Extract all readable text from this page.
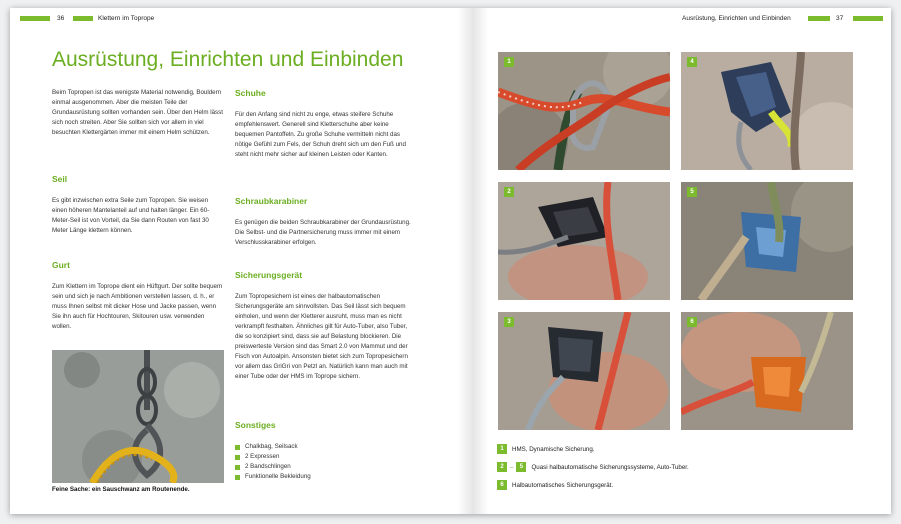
36	Klettern im Toprope	Ausrüstung, Einrichten und Einbinden	37
Ausrüstung, Einrichten und Einbinden
Beim Topropen ist das wenigste Material notwendig, Bouldern einmal ausgenommen. Aber die meisten Teile der Grundausrüstung sollten vorhanden sein. Über den Helm lässt sich noch streiten. Aber Sie sollten sich vor allem in viel besuchten Klettergärten immer mit einem Helm schützen.
Seil
Es gibt inzwischen extra Seile zum Topropen. Sie weisen einen höheren Mantelanteil auf und halten länger. Ein 60-Meter-Seil ist von Vorteil, da Sie dann Routen von fast 30 Meter Länge klettern können.
Gurt
Zum Klettern im Toprope dient ein Hüftgurt. Der sollte bequem sein und sich je nach Ambitionen verstellen lassen, d. h., er muss Ihnen selbst mit dicker Hose und Jacke passen, wenn Sie ihn auch für Hochtouren, Skitouren usw. verwenden wollen.
Feine Sache: ein Sauschwanz am Routenende.
Schuhe
Für den Anfang sind nicht zu enge, etwas steifere Schuhe empfehlenswert. Generell sind Kletterschuhe aber keine bequemen Pantoffeln. Zu große Schuhe vermitteln nicht das nötige Gefühl zum Fels, der Schuh dreht sich um den Fuß und steht nicht mehr sicher auf kleinen Leisten oder Kanten.
Schraubkarabiner
Es genügen die beiden Schraubkarabiner der Grundausrüstung. Die Selbst- und die Partnersicherung muss immer mit einem Verschlusskarabiner erfolgen.
Sicherungsgerät
Zum Topropesichern ist eines der halbautomatischen Sicherungsgeräte am sinnvollsten. Das Seil lässt sich bequem einholen, und wenn der Kletterer ausruht, muss man es nicht verkrampft festhalten. Ähnliches gilt für Auto-Tuber, also Tuber, die so konzipiert sind, dass sie auf Belastung blockieren. Die preiswerteste Version sind das Smart 2.0 von Mammut und der Fisch von Autoalpin. Ansonsten bietet sich zum Topropesichern vor allem das GriGri von Petzl an. Natürlich kann man auch mit einer Tube oder der HMS im Toprope sichern.
Sonstiges
Chalkbag, Seilsack
2 Expressen
2 Bandschlingen
Funktionelle Bekleidung
1	4
2	5
3	6
1	HMS, Dynamische Sicherung.
2	–	5	Quasi halbautomatische Sicherungssysteme, Auto-Tuber.
6	Halbautomatisches Sicherungsgerät.
